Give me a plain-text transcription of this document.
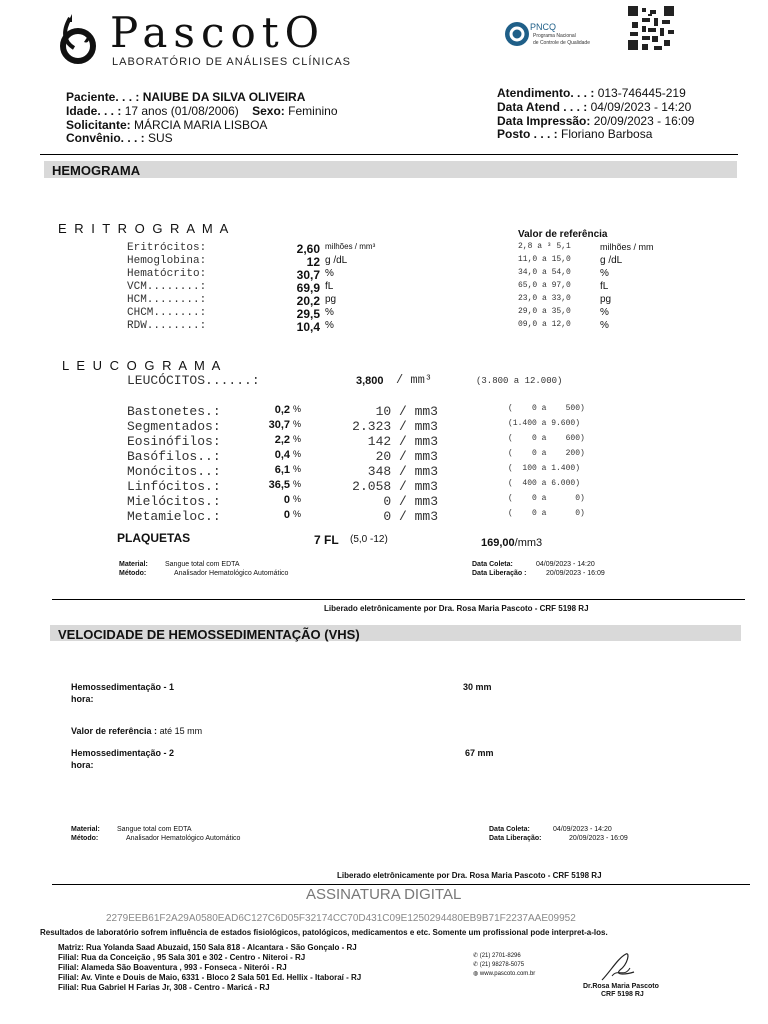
PascotO
LABORATÓRIO DE ANÁLISES CLÍNICAS
PNCQ
Programa Nacional
de Controle de Qualidade
Paciente. . . : NAIUBE DA SILVA OLIVEIRA
Idade. . . : 17 anos (01/08/2006) Sexo: Feminino
Solicitante: MÁRCIA MARIA LISBOA
Convênio. . . : SUS
Atendimento. . . : 013-746445-219
Data Atend . . . : 04/09/2023 - 14:20
Data Impressão: 20/09/2023 - 16:09
Posto . . . : Floriano Barbosa
HEMOGRAMA
E R I T R O G R A M A	Valor de referência
Eritrócitos:	2,60 milhões / mm³	2,8 a ³ 5,1	milhões / mm
Hemoglobina:	12 g /dL	11,0 a 15,0	g /dL
Hematócrito:	30,7 %	34,0 a 54,0	%
VCM........:	69,9 fL	65,0 a 97,0	fL
HCM........:	20,2 pg	23,0 a 33,0	pg
CHCM.......:	29,5 %	29,0 a 35,0	%
RDW........:	10,4 %	09,0 a 12,0	%
L E U C O G R A M A
LEUCÓCITOS......:	3,800 / mm³	(3.800 a 12.000)
Bastonetes.:	0,2 %	10 / mm3	(    0 a    500)
Segmentados:	30,7 %	2.323 / mm3	(1.400 a 9.600)
Eosinófilos:	2,2 %	142 / mm3	(    0 a    600)
Basófilos..:	0,4 %	20 / mm3	(    0 a    200)
Monócitos..:	6,1 %	348 / mm3	(  100 a 1.400)
Linfócitos.:	36,5 %	2.058 / mm3	(  400 a 6.000)
Mielócitos.:	0 %	0 / mm3	(    0 a      0)
Metamieloc.:	0 %	0 / mm3	(    0 a      0)
PLAQUETAS	7 FL (5,0 -12)	169,00/mm3
Material: Sangue total com EDTA
Método:	Analisador Hematológico Automático
Data Coleta:	04/09/2023 - 14:20
Data Liberação :	20/09/2023 - 16:09
Liberado eletrônicamente por Dra. Rosa Maria Pascoto - CRF 5198 RJ
VELOCIDADE DE HEMOSSEDIMENTAÇÃO (VHS)
Hemossedimentação - 1
hora:
30 mm
Valor de referência : até 15 mm
Hemossedimentação - 2
hora:
67 mm
Material: Sangue total com EDTA
Método:	Analisador Hematológico Automático
Data Coleta:	04/09/2023 - 14:20
Data Liberação:	20/09/2023 - 16:09
Liberado eletrônicamente por Dra. Rosa Maria Pascoto - CRF 5198 RJ
ASSINATURA DIGITAL
2279EEB61F2A29A0580EAD6C127C6D05F32174CC70D431C09E1250294480EB9B71F2237AAE09952
Resultados de laboratório sofrem influência de estados fisiológicos, patológicos, medicamentos e etc. Somente um profissional pode interpret-a-los.
Matriz: Rua Yolanda Saad Abuzaid, 150 Sala 818 - Alcantara - São Gonçalo - RJ
Filial: Rua da Conceição , 95 Sala 301 e 302 - Centro - Niteroi - RJ
Filial: Alameda São Boaventura , 993 - Fonseca - Niterói - RJ
Filial: Av. Vinte e Douis de Maio, 6331 - Bloco 2 Sala 501 Ed. Hellix - Itaboraí - RJ
Filial: Rua Gabriel H Farias Jr, 308 - Centro - Maricá - RJ
✆ (21) 2701-8296
✆ (21) 98278-5075
◍ www.pascoto.com.br
Dr.Rosa Maria Pascoto
CRF 5198 RJ
